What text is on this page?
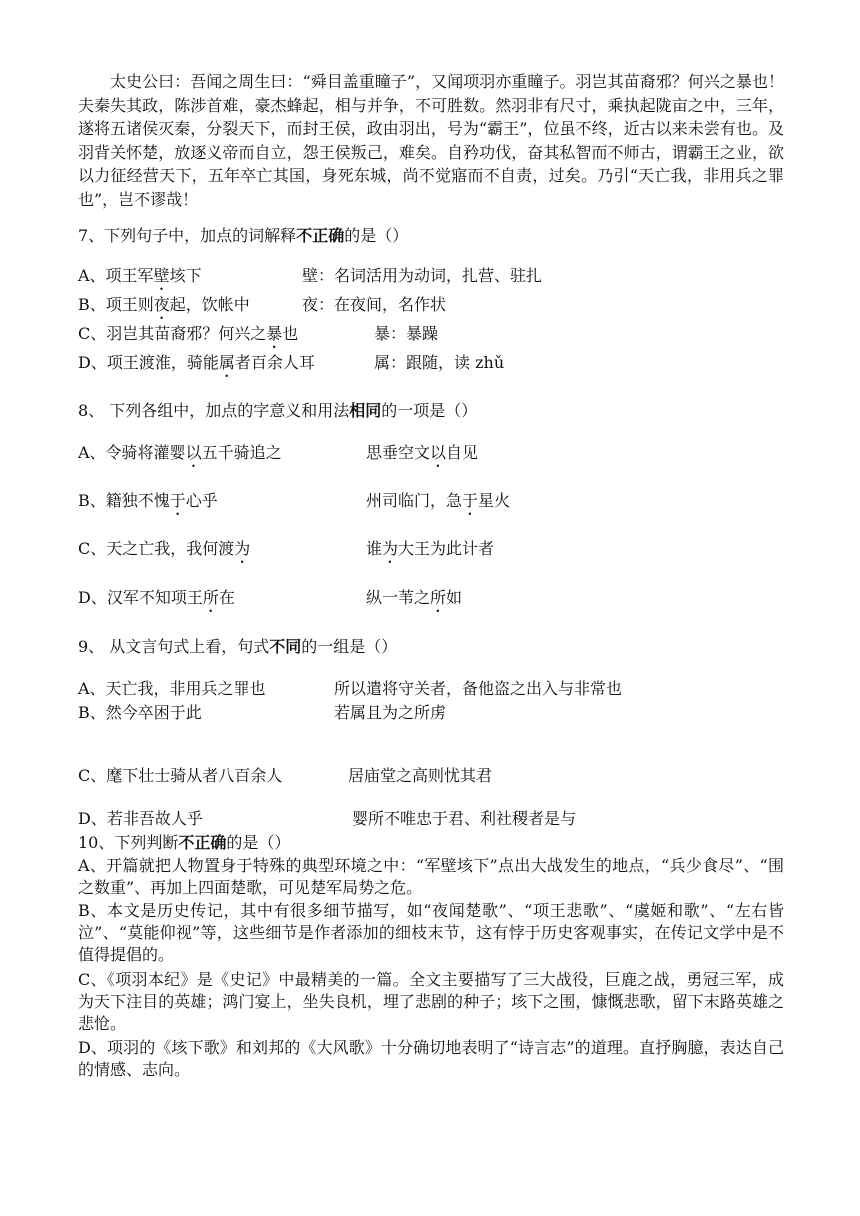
太史公曰：吾闻之周生曰：“舜目盖重瞳子”，又闻项羽亦重瞳子。羽岂其苗裔邪？何兴之暴也！夫秦失其政，陈涉首难，豪杰蜂起，相与并争，不可胜数。然羽非有尺寸，乘执起陇亩之中，三年，遂将五诸侯灭秦，分裂天下，而封王侯，政由羽出，号为“霸王”，位虽不终，近古以来未尝有也。及羽背关怀楚，放逐义帝而自立，怨王侯叛己，难矣。自矜功伐，奋其私智而不师古，谓霸王之业，欲以力征经营天下，五年卒亡其国，身死东城，尚不觉寤而不自责，过矣。乃引“天亡我，非用兵之罪也”，岂不谬哉！
7、下列句子中，加点的词解释不正确的是（）
A、项王军壁垓下	壁：名词活用为动词，扎营、驻扎
B、项王则夜起，饮帐中	夜：在夜间，名作状
C、羽岂其苗裔邪？何兴之暴也	暴：暴躁
D、项王渡淮，骑能属者百余人耳	属：跟随，读 zhǔ
8、 下列各组中，加点的字意义和用法相同的一项是（）
A、令骑将灌婴以五千骑追之	思垂空文以自见
B、籍独不愧于心乎	州司临门，急于星火
C、天之亡我，我何渡为	谁为大王为此计者
D、汉军不知项王所在	纵一苇之所如
9、 从文言句式上看，句式不同的一组是（）
A、天亡我，非用兵之罪也	所以遣将守关者，备他盗之出入与非常也
B、然今卒困于此	若属且为之所虏
C、麾下壮士骑从者八百余人	居庙堂之高则忧其君
D、若非吾故人乎	婴所不唯忠于君、利社稷者是与
10、下列判断不正确的是（）
A、开篇就把人物置身于特殊的典型环境之中：“军壁垓下”点出大战发生的地点，“兵少食尽”、“围之数重”、再加上四面楚歌，可见楚军局势之危。
B、本文是历史传记，其中有很多细节描写，如“夜闻楚歌”、“项王悲歌”、“虞姬和歌”、“左右皆泣”、“莫能仰视”等，这些细节是作者添加的细枝末节，这有悖于历史客观事实，在传记文学中是不值得提倡的。
C、《项羽本纪》是《史记》中最精美的一篇。全文主要描写了三大战役，巨鹿之战，勇冠三军，成为天下注目的英雄；鸿门宴上，坐失良机，埋了悲剧的种子；垓下之围，慷慨悲歌，留下末路英雄之悲怆。
D、项羽的《垓下歌》和刘邦的《大风歌》十分确切地表明了“诗言志”的道理。直抒胸臆，表达自己的情感、志向。
